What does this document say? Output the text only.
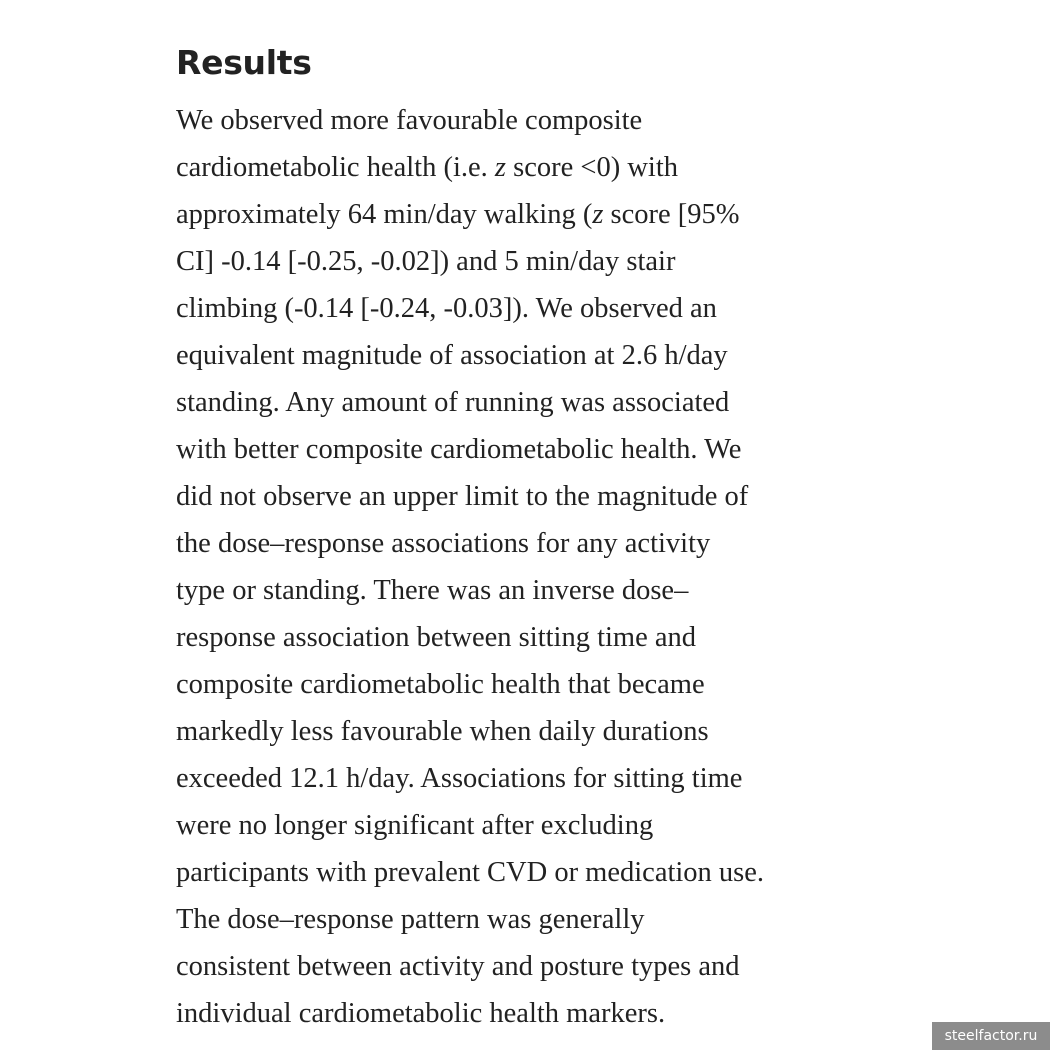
Results

We observed more favourable composite
cardiometabolic health (i.e. z score <0) with
approximately 64 min/day walking (z score [95%
CI] -0.14 [-0.25, -0.02]) and 5 min/day stair
climbing (-0.14 [-0.24, -0.03]). We observed an
equivalent magnitude of association at 2.6 h/day
standing. Any amount of running was associated
with better composite cardiometabolic health. We
did not observe an upper limit to the magnitude of
the dose–response associations for any activity
type or standing. There was an inverse dose–
response association between sitting time and
composite cardiometabolic health that became
markedly less favourable when daily durations
exceeded 12.1 h/day. Associations for sitting time
were no longer significant after excluding
participants with prevalent CVD or medication use.
The dose–response pattern was generally
consistent between activity and posture types and
individual cardiometabolic health markers.

steelfactor.ru
